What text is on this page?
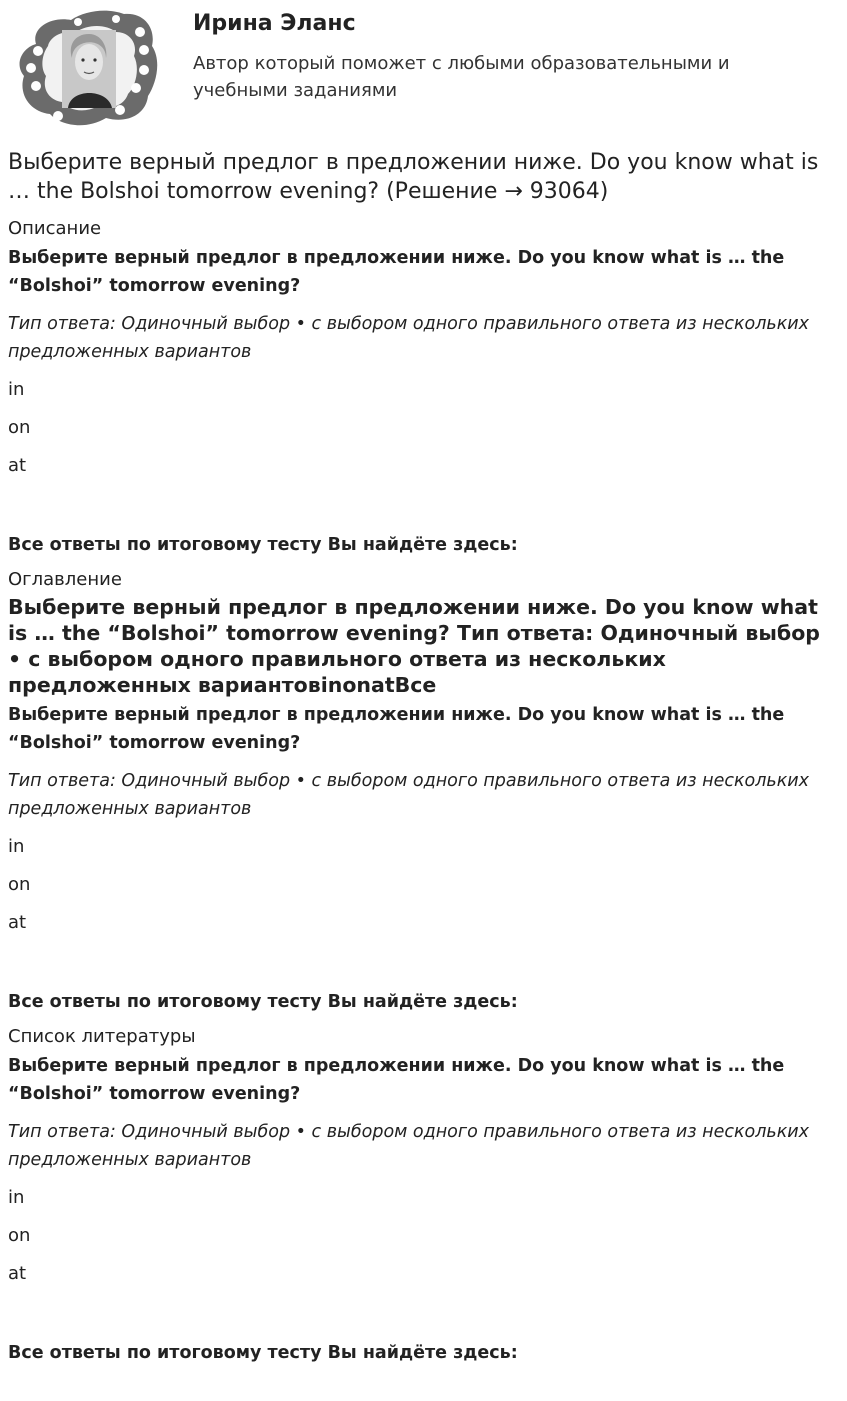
Ирина Эланс
Автор который поможет с любыми образовательными и учебными заданиями
Выберите верный предлог в предложении ниже. Do you know what is … the Bolshoi tomorrow evening? (Решение → 93064)
Описание
Выберите верный предлог в предложении ниже. Do you know what is … the “Bolshoi” tomorrow evening?
Тип ответа: Одиночный выбор • с выбором одного правильного ответа из нескольких предложенных вариантов
in
on
at
Все ответы по итоговому тесту Вы найдёте здесь:
Оглавление
Выберите верный предлог в предложении ниже. Do you know what is … the “Bolshoi” tomorrow evening? Тип ответа: Одиночный выбор • с выбором одного правильного ответа из нескольких предложенных вариантовinonatВсе
Выберите верный предлог в предложении ниже. Do you know what is … the “Bolshoi” tomorrow evening?
Тип ответа: Одиночный выбор • с выбором одного правильного ответа из нескольких предложенных вариантов
in
on
at
Все ответы по итоговому тесту Вы найдёте здесь:
Список литературы
Выберите верный предлог в предложении ниже. Do you know what is … the “Bolshoi” tomorrow evening?
Тип ответа: Одиночный выбор • с выбором одного правильного ответа из нескольких предложенных вариантов
in
on
at
Все ответы по итоговому тесту Вы найдёте здесь:
